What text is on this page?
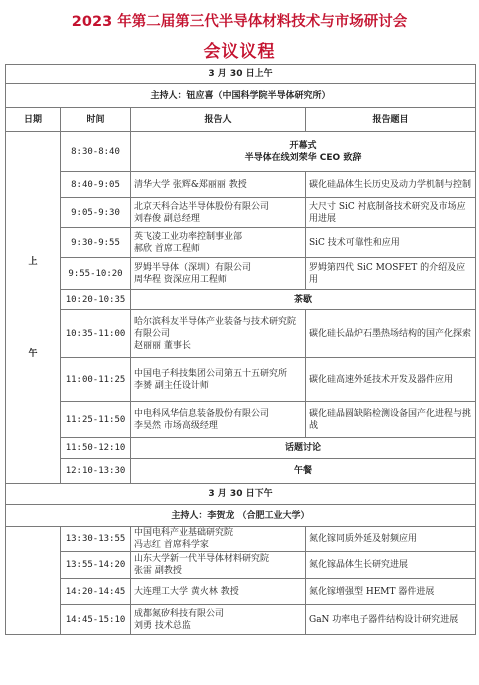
2023 年第二届第三代半导体材料技术与市场研讨会
会议议程
3 月 30 日上午			
主持人：钮应喜（中国科学院半导体研究所）			
日期	时间	报告人	报告题目

上
午	8:30-8:40	开幕式
半导体在线刘荣华 CEO 致辞	

	8:40-9:05	清华大学 张辉&郑丽丽 教授	碳化硅晶体生长历史及动力学机制与控制

	9:05-9:30	北京天科合达半导体股份有限公司
刘春俊 副总经理	大尺寸 SiC 衬底制备技术研究及市场应用进展

	9:30-9:55	英飞凌工业功率控制事业部
郝欣 首席工程师	SiC 技术可靠性和应用

	9:55-10:20	罗姆半导体（深圳）有限公司
周华程 资深应用工程师	罗姆第四代 SiC MOSFET 的介绍及应用

	10:20-10:35	茶歇	
	10:35-11:00	哈尔滨科友半导体产业装备与技术研究院有限公司
赵丽丽 董事长	碳化硅长晶炉石墨热场结构的国产化探索

	11:00-11:25	中国电子科技集团公司第五十五研究所
李赟 副主任设计师	碳化硅高速外延技术开发及器件应用

	11:25-11:50	中电科风华信息装备股份有限公司
李昊然 市场高级经理	碳化硅晶圆缺陷检测设备国产化进程与挑战

	11:50-12:10	话题讨论	
	12:10-13:30	午餐	
3 月 30 日下午			
主持人：李贺龙 （合肥工业大学）			
	13:30-13:55	中国电科产业基础研究院
冯志红 首席科学家	氮化镓同质外延及射频应用

	13:55-14:20	山东大学新一代半导体材料研究院
张雷 副教授	氮化镓晶体生长研究进展

	14:20-14:45	大连理工大学 黄火林 教授	氮化镓增强型 HEMT 器件进展

	14:45-15:10	成都氮矽科技有限公司
刘勇 技术总监	GaN 功率电子器件结构设计研究进展
